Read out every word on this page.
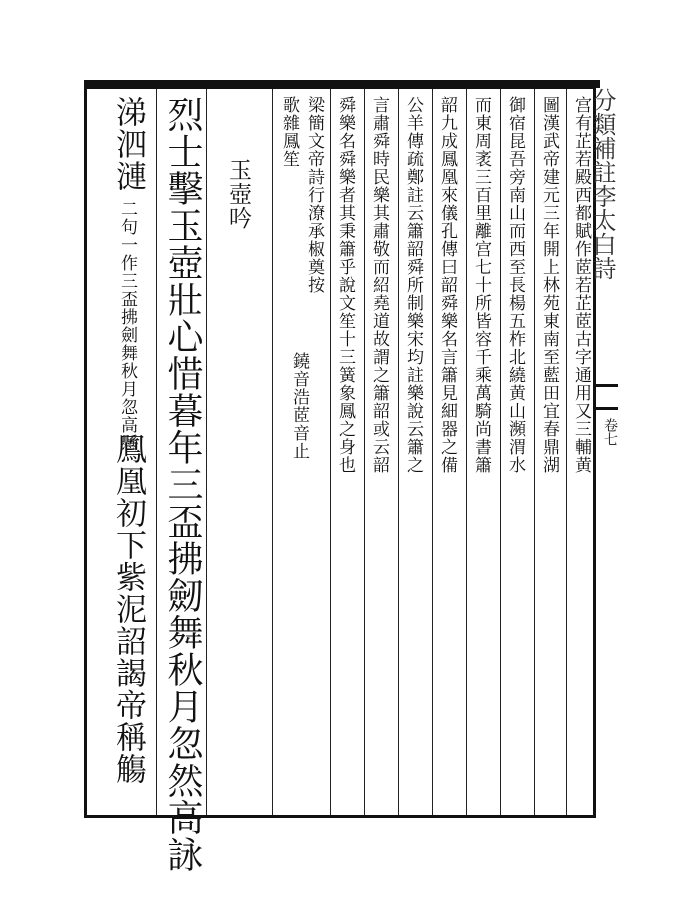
宫有芷若殿西都賦作茝若芷茝古字通用又三輔黄
圖漢武帝建元三年開上林苑東南至藍田宜春鼎湖
御宿昆吾旁南山而西至長楊五柞北繞黄山瀕渭水
而東周袤三百里離宫七十所皆容千乘萬騎尚書簫
韶九成鳳凰來儀孔傳曰韶舜樂名言簫見細器之備
公羊傳疏鄭註云簫韶舜所制樂宋均註樂說云簫之
言肅舜時民樂其肅敬而紹堯道故謂之簫韶或云韶
舜樂名舜樂者其秉簫乎說文笙十三簧象鳳之身也
梁簡文帝詩行潦承椒奠按
鐃音浩茝音止
歌雜鳳笙
玉壺吟
烈士擊玉壺壯心惜暮年三盃拂劒舞秋月忽然高詠
涕泗漣
二句一作三盃拂劍舞秋月忽高懸
鳳凰初下紫泥詔謁帝稱觴
卷七
分類補註李太白詩
